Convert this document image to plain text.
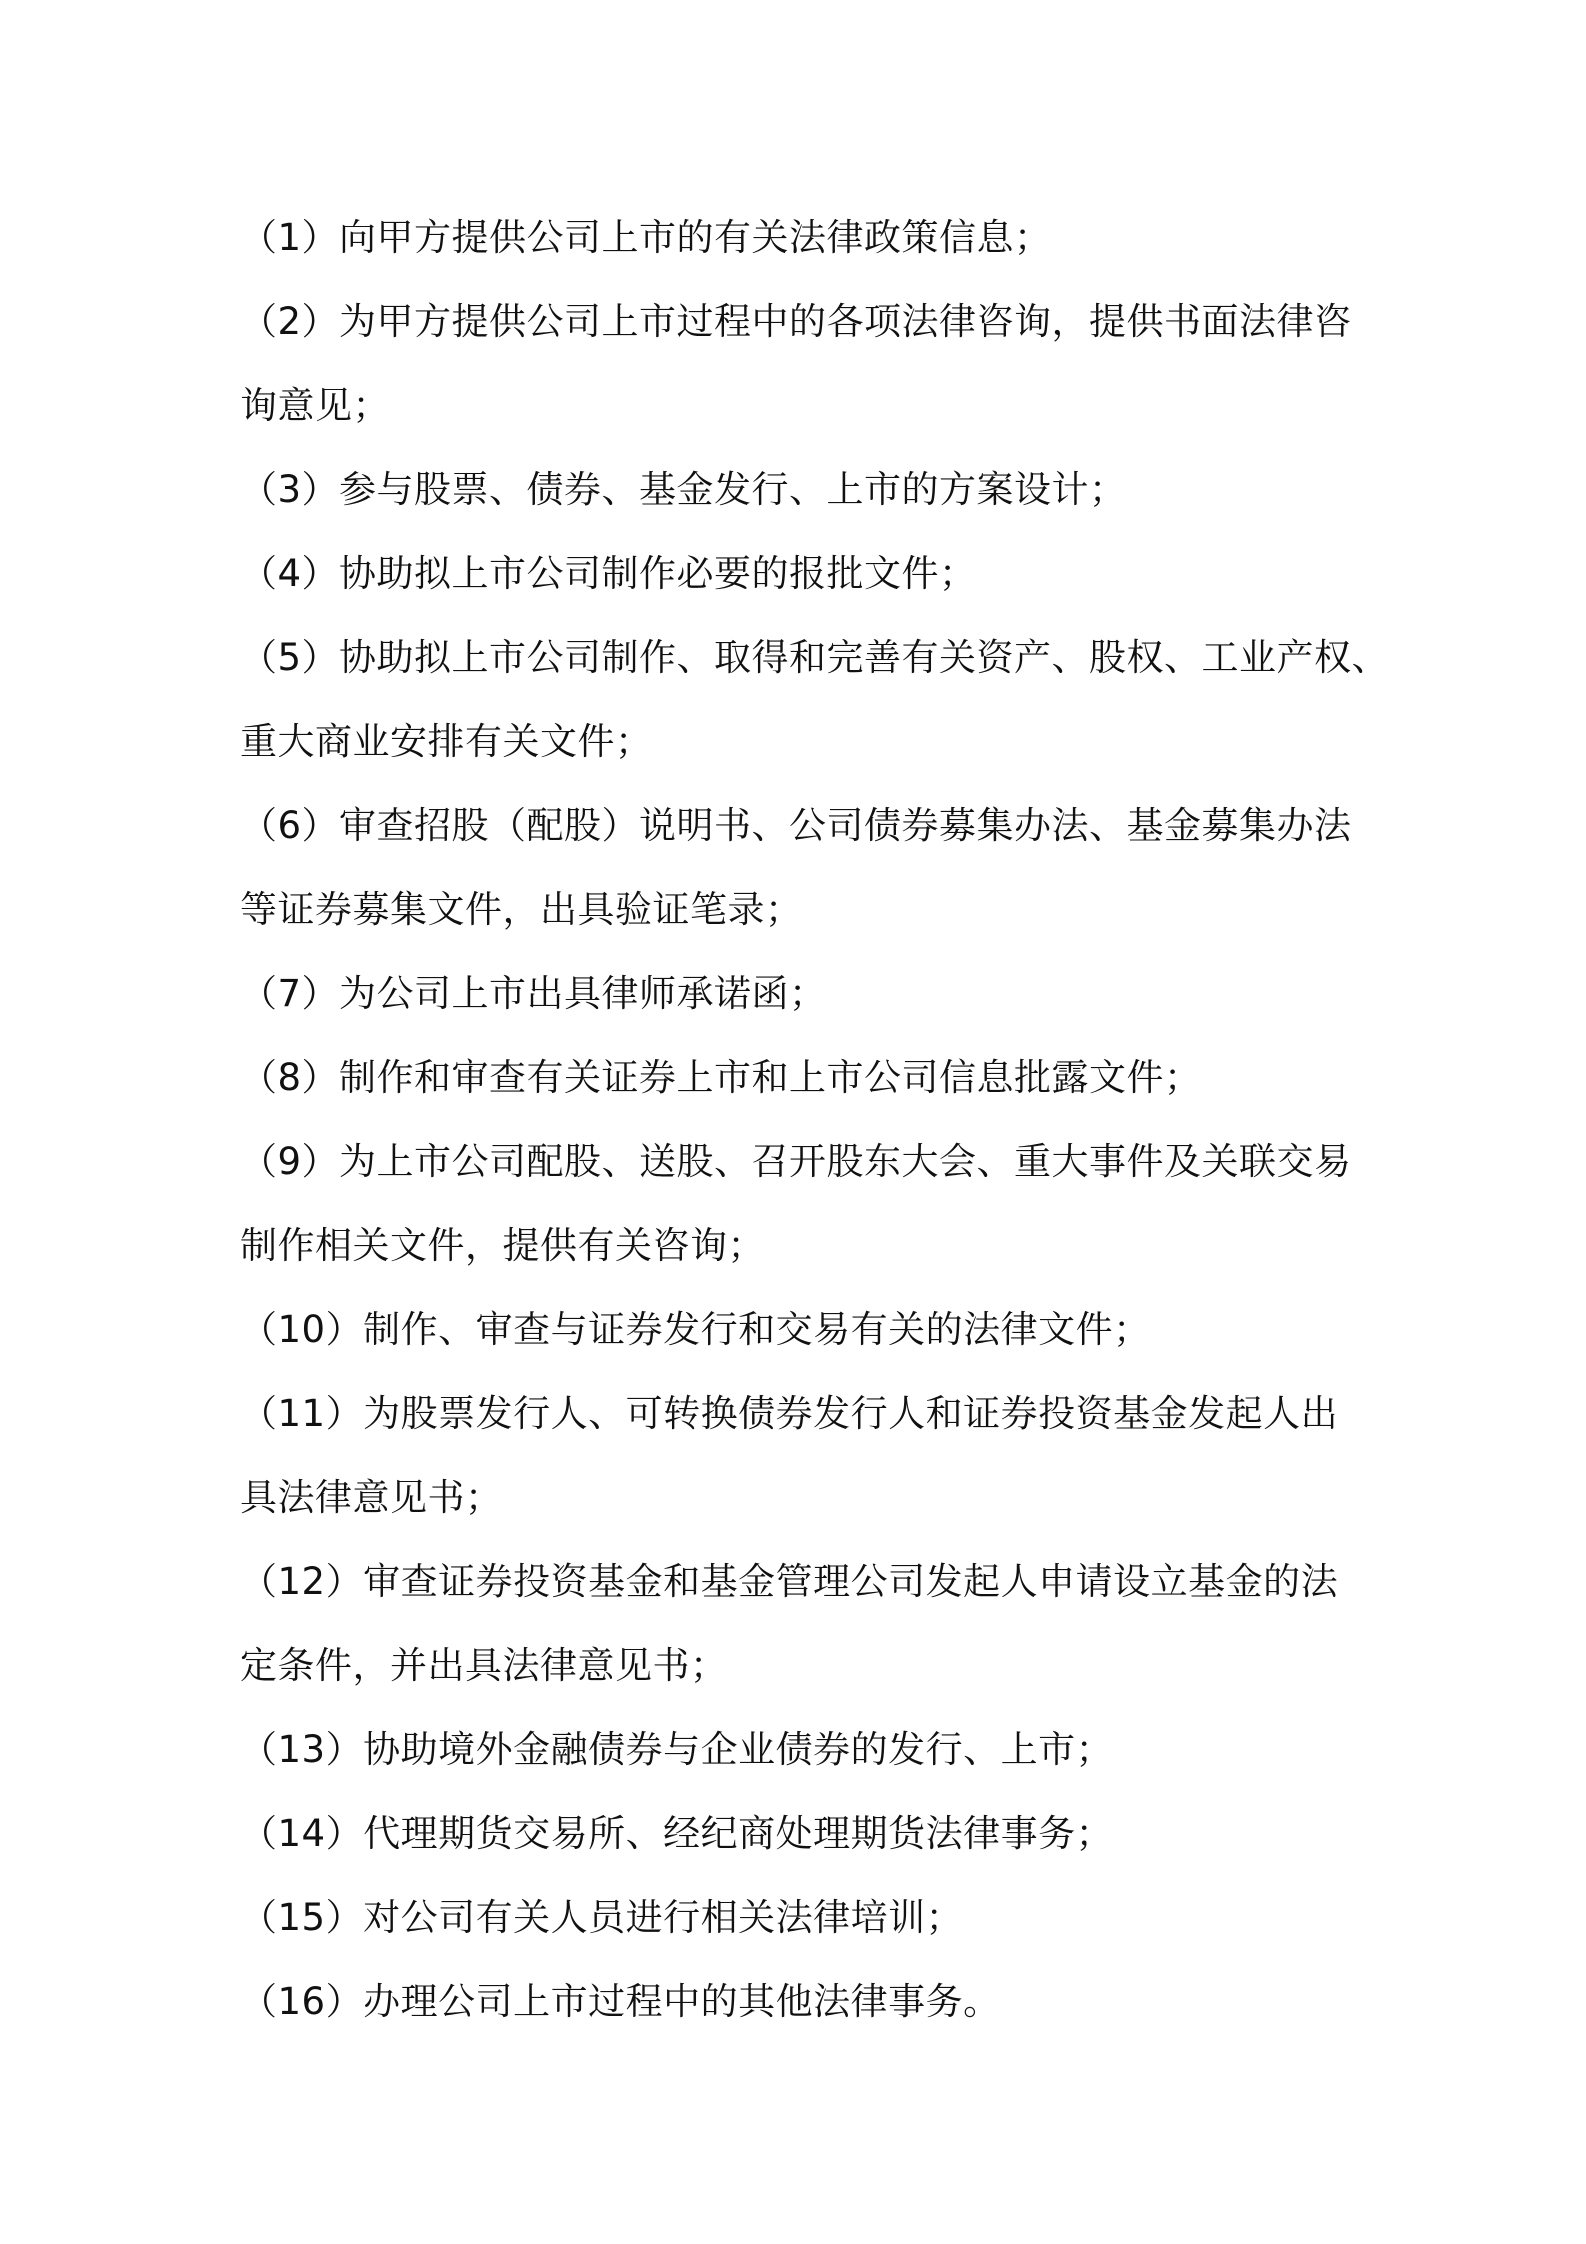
（1）向甲方提供公司上市的有关法律政策信息；
（2）为甲方提供公司上市过程中的各项法律咨询，提供书面法律咨
询意见；
（3）参与股票、债券、基金发行、上市的方案设计；
（4）协助拟上市公司制作必要的报批文件；
（5）协助拟上市公司制作、取得和完善有关资产、股权、工业产权、
重大商业安排有关文件；
（6）审查招股（配股）说明书、公司债券募集办法、基金募集办法
等证券募集文件，出具验证笔录；
（7）为公司上市出具律师承诺函；
（8）制作和审查有关证券上市和上市公司信息批露文件；
（9）为上市公司配股、送股、召开股东大会、重大事件及关联交易
制作相关文件，提供有关咨询；
（10）制作、审查与证券发行和交易有关的法律文件；
（11）为股票发行人、可转换债券发行人和证券投资基金发起人出
具法律意见书；
（12）审查证券投资基金和基金管理公司发起人申请设立基金的法
定条件，并出具法律意见书；
（13）协助境外金融债券与企业债券的发行、上市；
（14）代理期货交易所、经纪商处理期货法律事务；
（15）对公司有关人员进行相关法律培训；
（16）办理公司上市过程中的其他法律事务。
